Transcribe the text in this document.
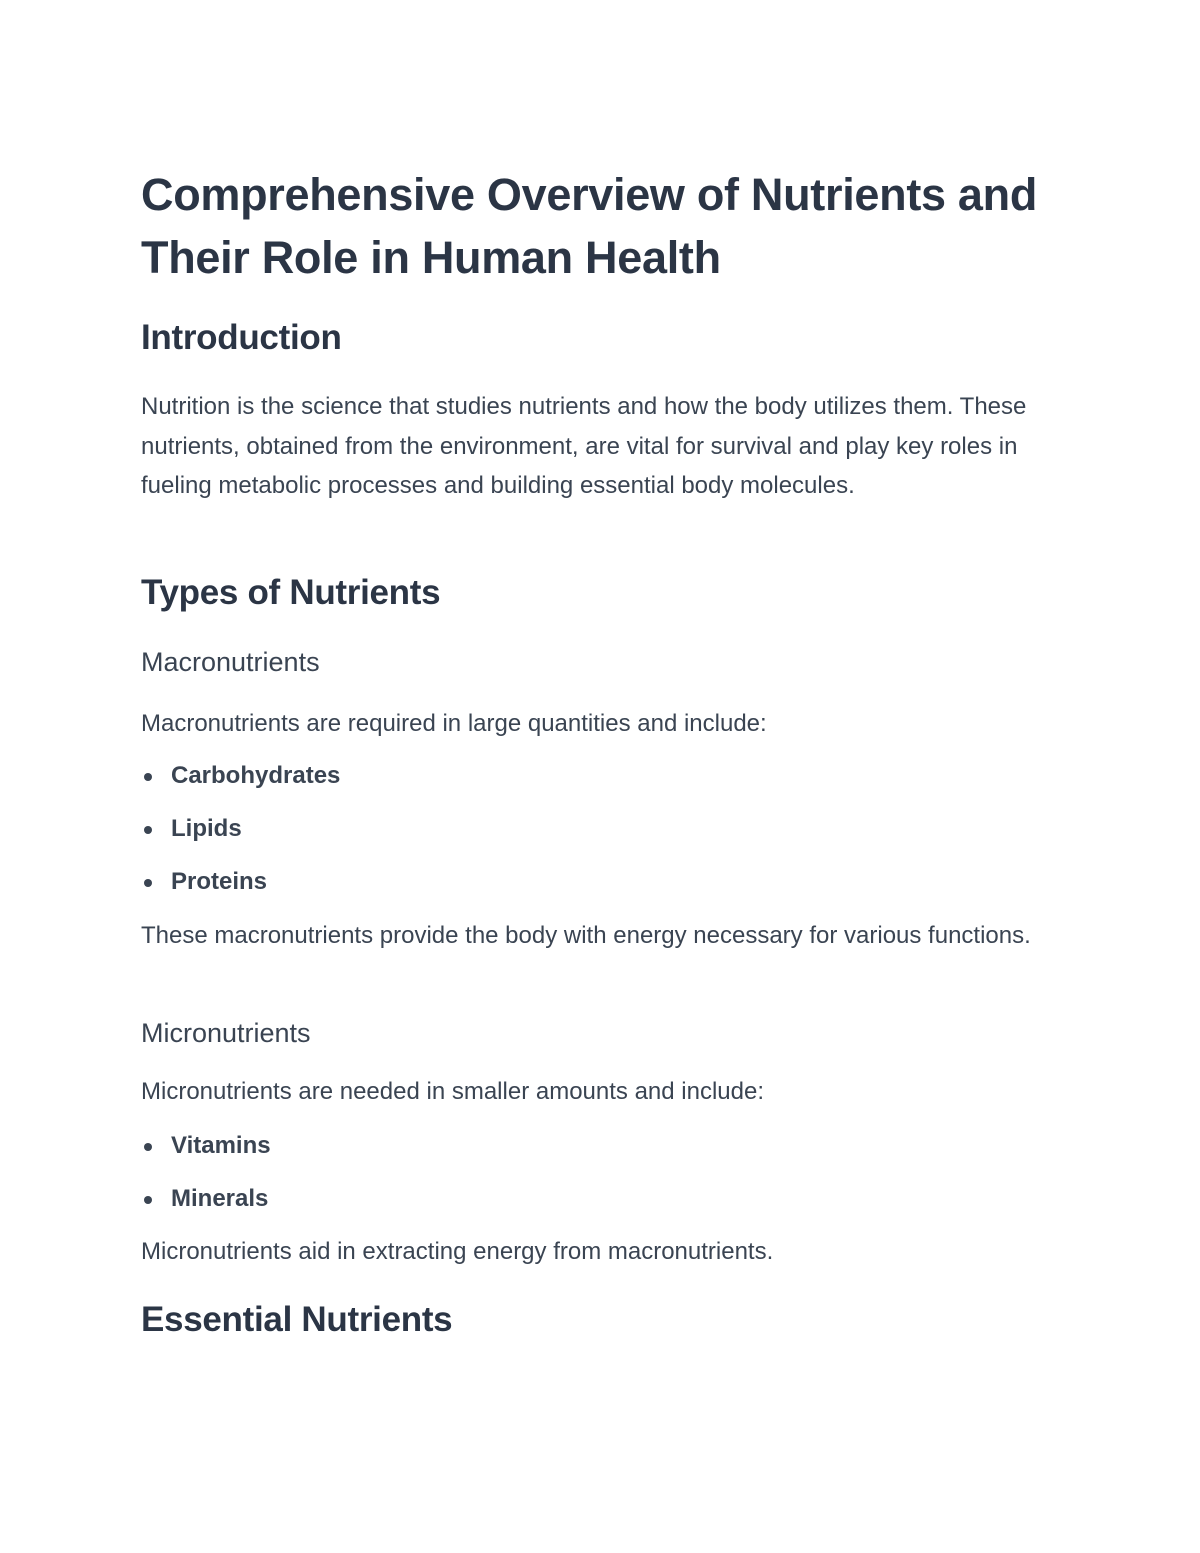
Comprehensive Overview of Nutrients and Their Role in Human Health
Introduction

Nutrition is the science that studies nutrients and how the body utilizes them. These nutrients, obtained from the environment, are vital for survival and play key roles in fueling metabolic processes and building essential body molecules.

Types of Nutrients
Macronutrients

Macronutrients are required in large quantities and include:

Carbohydrates
Lipids
Proteins

These macronutrients provide the body with energy necessary for various functions.

Micronutrients

Micronutrients are needed in smaller amounts and include:

Vitamins
Minerals

Micronutrients aid in extracting energy from macronutrients.

Essential Nutrients
